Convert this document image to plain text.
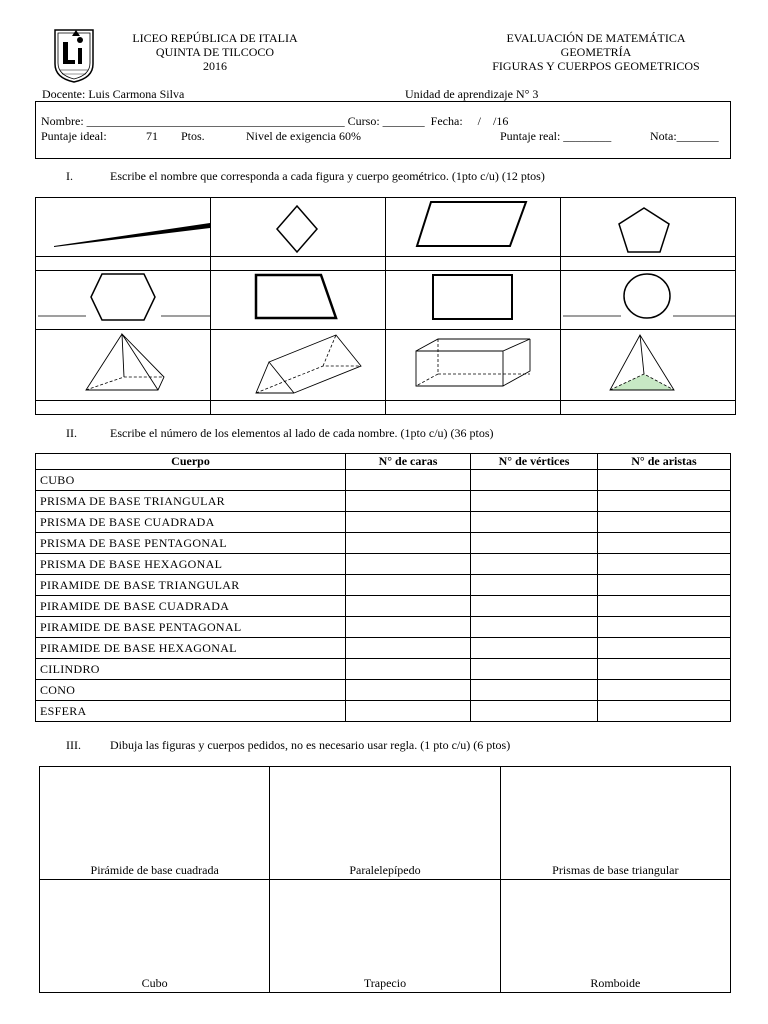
LICEO REPÚBLICA DE ITALIA
QUINTA DE TILCOCO
2016
EVALUACIÓN DE MATEMÁTICA
GEOMETRÍA
FIGURAS Y CUERPOS GEOMETRICOS
Docente: Luis Carmona Silva	Unidad de aprendizaje N° 3
Nombre: ___________________________________________ Curso: _______  Fecha:     /    /16
Puntaje ideal:	71 Ptos.	Nivel de exigencia 60%	Puntaje real: ________	Nota:_______
I.	Escribe el nombre que corresponda a cada figura y cuerpo geométrico. (1pto c/u) (12 ptos)

II.	Escribe el número de los elementos al lado de cada nombre. (1pto c/u) (36 ptos)
Cuerpo	N° de caras	N° de vértices	N° de aristas
CUBO			
PRISMA DE BASE TRIANGULAR			
PRISMA DE BASE CUADRADA			
PRISMA DE BASE PENTAGONAL			
PRISMA DE BASE HEXAGONAL			
PIRAMIDE DE BASE TRIANGULAR			
PIRAMIDE DE BASE CUADRADA			
PIRAMIDE DE BASE PENTAGONAL			
PIRAMIDE DE BASE HEXAGONAL			
CILINDRO			
CONO			
ESFERA			
III. Dibuja las figuras y cuerpos pedidos, no es necesario usar regla. (1 pto c/u) (6 ptos)
Pirámide de base cuadrada	Paralelepípedo	Prismas de base triangular
Cubo	Trapecio	Romboide
